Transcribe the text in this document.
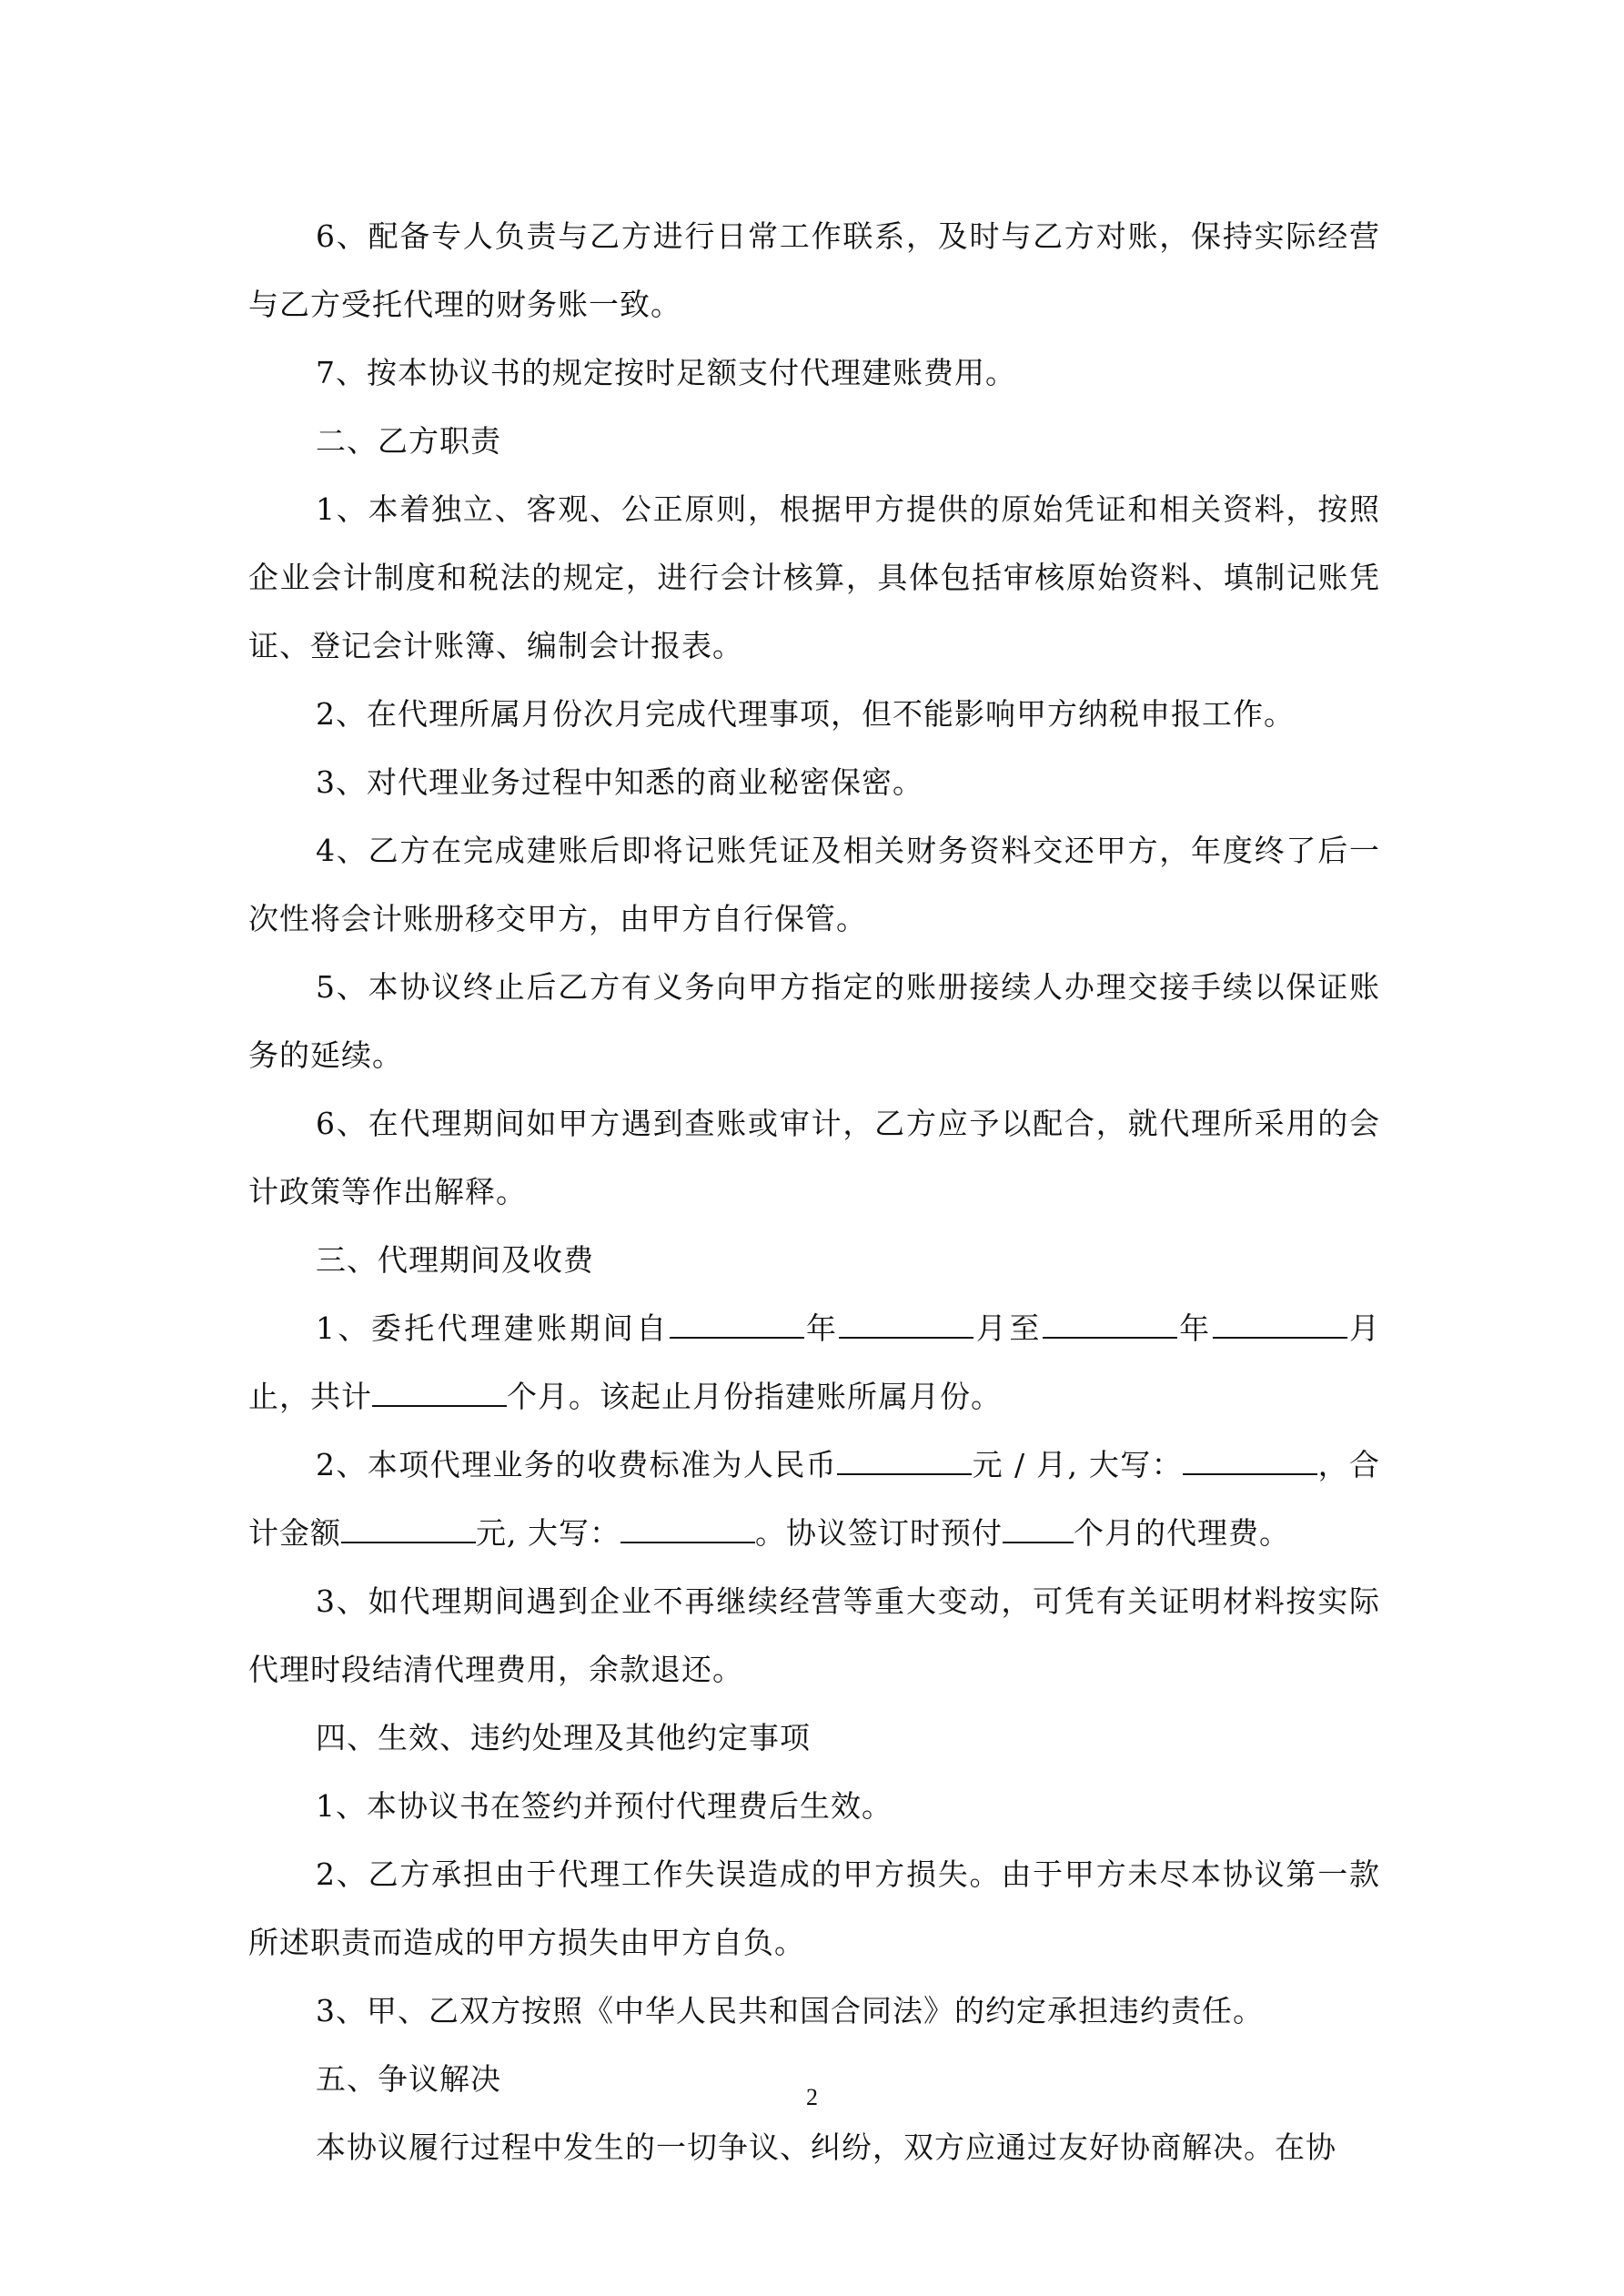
6、配备专人负责与乙方进行日常工作联系，及时与乙方对账，保持实际经营与乙方受托代理的财务账一致。

7、按本协议书的规定按时足额支付代理建账费用。

二、乙方职责

1、本着独立、客观、公正原则，根据甲方提供的原始凭证和相关资料，按照企业会计制度和税法的规定，进行会计核算，具体包括审核原始资料、填制记账凭证、登记会计账簿、编制会计报表。

2、在代理所属月份次月完成代理事项，但不能影响甲方纳税申报工作。

3、对代理业务过程中知悉的商业秘密保密。

4、乙方在完成建账后即将记账凭证及相关财务资料交还甲方，年度终了后一次性将会计账册移交甲方，由甲方自行保管。

5、本协议终止后乙方有义务向甲方指定的账册接续人办理交接手续以保证账务的延续。

6、在代理期间如甲方遇到查账或审计，乙方应予以配合，就代理所采用的会计政策等作出解释。

三、代理期间及收费

1、委托代理建账期间自	年	月至	年	月止，共计	个月。该起止月份指建账所属月份。

2、本项代理业务的收费标准为人民币	元 / 月, 大写：	，合计金额	元, 大写：	。协议签订时预付 个月的代理费。

3、如代理期间遇到企业不再继续经营等重大变动，可凭有关证明材料按实际代理时段结清代理费用，余款退还。

四、生效、违约处理及其他约定事项

1、本协议书在签约并预付代理费后生效。

2、乙方承担由于代理工作失误造成的甲方损失。由于甲方未尽本协议第一款所述职责而造成的甲方损失由甲方自负。

3、甲、乙双方按照《中华人民共和国合同法》的约定承担违约责任。

五、争议解决

本协议履行过程中发生的一切争议、纠纷，双方应通过友好协商解决。在协

2
